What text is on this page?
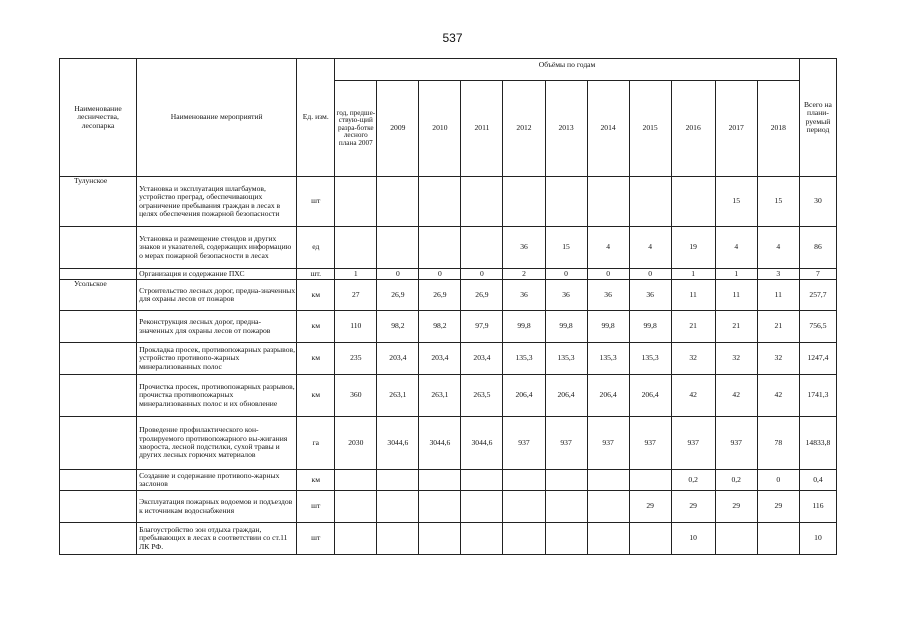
537
Наименование лесничества, лесопарка	Наименование мероприятий	Ед. изм.	Объёмы по годам											Всего на плани-руемый период
			год, предше-ствую-щий разра-ботке лесного плана 2007	2009	2010	2011	2012	2013	2014	2015	2016	2017	2018	
Тулунское	Установка и эксплуатация шлагбаумов, устройство преград, обеспечивающих ограничение пребывания граждан в лесах в целях обеспечения пожарной безопасности	шт										15	15	30
	Установка и размещение стендов и других знаков и указателей, содержащих информацию о мерах пожарной безопасности в лесах	ед					36	15	4	4	19	4	4	86
	Организация и содержание ПХС	шт.	1	0	0	0	2	0	0	0	1	1	3	7
Усольское	Строительство лесных дорог, предна-значенных для охраны лесов от пожаров	км	27	26,9	26,9	26,9	36	36	36	36	11	11	11	257,7
	Реконструкция лесных дорог, предна-значенных для охраны лесов от пожаров	км	110	98,2	98,2	97,9	99,8	99,8	99,8	99,8	21	21	21	756,5
	Прокладка просек, противопожарных разрывов, устройство противопо-жарных минерализованных полос	км	235	203,4	203,4	203,4	135,3	135,3	135,3	135,3	32	32	32	1247,4
	Прочистка просек, противопожарных разрывов, прочистка противопожарных минерализованных полос и их обновление	км	360	263,1	263,1	263,5	206,4	206,4	206,4	206,4	42	42	42	1741,3
	Проведение профилактического кон-тролируемого противопожарного вы-жигания хвороста, лесной подстилки, сухой травы и других лесных горючих материалов	га	2030	3044,6	3044,6	3044,6	937	937	937	937	937	937	78	14833,8
	Создание и содержание противопо-жарных заслонов	км									0,2	0,2	0	0,4
	Эксплуатация пожарных водоемов и подъездов к источникам водоснабжения	шт								29	29	29	29	116
	Благоустройство зон отдыха граждан, пребывающих в лесах в соответствии со ст.11 ЛК РФ.	шт									10			10
